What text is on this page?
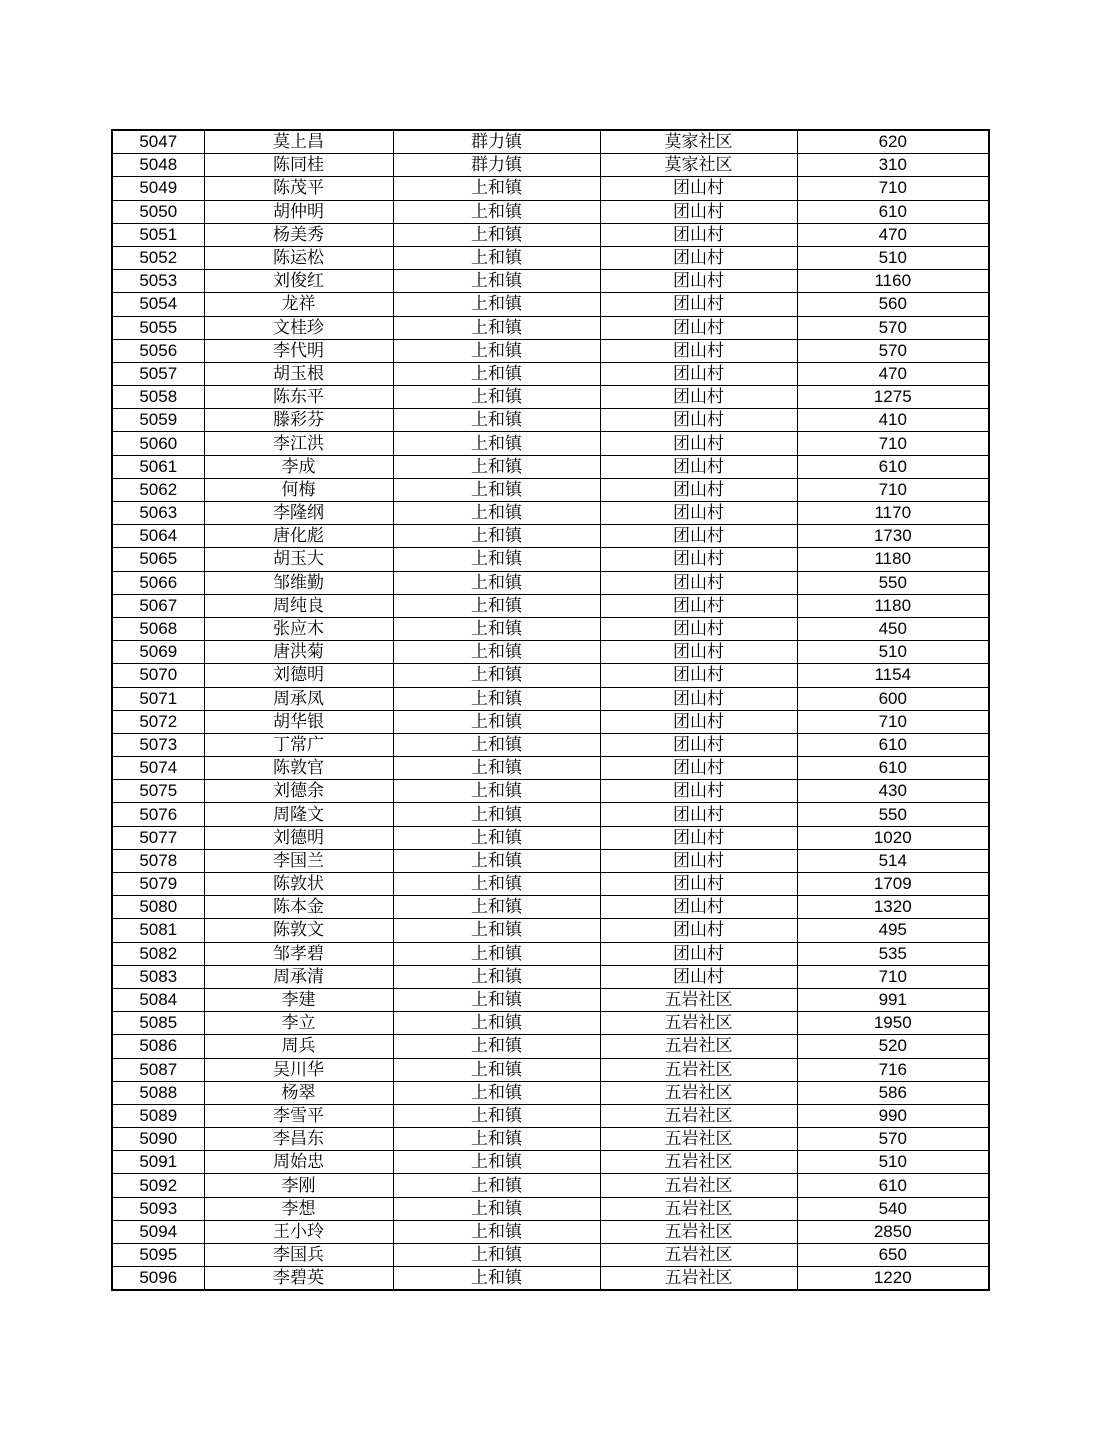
5047	莫上昌	群力镇	莫家社区	620
5048	陈同桂	群力镇	莫家社区	310
5049	陈茂平	上和镇	团山村	710
5050	胡仲明	上和镇	团山村	610
5051	杨美秀	上和镇	团山村	470
5052	陈运松	上和镇	团山村	510
5053	刘俊红	上和镇	团山村	1160
5054	龙祥	上和镇	团山村	560
5055	文桂珍	上和镇	团山村	570
5056	李代明	上和镇	团山村	570
5057	胡玉根	上和镇	团山村	470
5058	陈东平	上和镇	团山村	1275
5059	滕彩芬	上和镇	团山村	410
5060	李江洪	上和镇	团山村	710
5061	李成	上和镇	团山村	610
5062	何梅	上和镇	团山村	710
5063	李隆纲	上和镇	团山村	1170
5064	唐化彪	上和镇	团山村	1730
5065	胡玉大	上和镇	团山村	1180
5066	邹维勤	上和镇	团山村	550
5067	周纯良	上和镇	团山村	1180
5068	张应木	上和镇	团山村	450
5069	唐洪菊	上和镇	团山村	510
5070	刘德明	上和镇	团山村	1154
5071	周承凤	上和镇	团山村	600
5072	胡华银	上和镇	团山村	710
5073	丁常广	上和镇	团山村	610
5074	陈敦官	上和镇	团山村	610
5075	刘德余	上和镇	团山村	430
5076	周隆文	上和镇	团山村	550
5077	刘德明	上和镇	团山村	1020
5078	李国兰	上和镇	团山村	514
5079	陈敦状	上和镇	团山村	1709
5080	陈本金	上和镇	团山村	1320
5081	陈敦文	上和镇	团山村	495
5082	邹孝碧	上和镇	团山村	535
5083	周承清	上和镇	团山村	710
5084	李建	上和镇	五岩社区	991
5085	李立	上和镇	五岩社区	1950
5086	周兵	上和镇	五岩社区	520
5087	吴川华	上和镇	五岩社区	716
5088	杨翠	上和镇	五岩社区	586
5089	李雪平	上和镇	五岩社区	990
5090	李昌东	上和镇	五岩社区	570
5091	周始忠	上和镇	五岩社区	510
5092	李刚	上和镇	五岩社区	610
5093	李想	上和镇	五岩社区	540
5094	王小玲	上和镇	五岩社区	2850
5095	李国兵	上和镇	五岩社区	650
5096	李碧英	上和镇	五岩社区	1220
